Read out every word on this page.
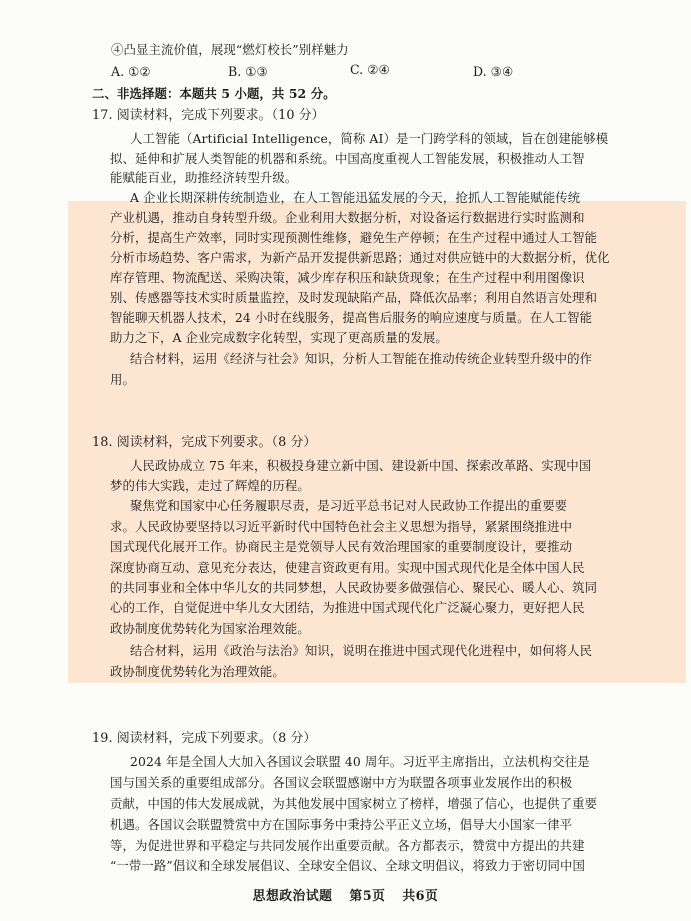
④凸显主流价值，展现“燃灯校长”别样魅力
A. ①②	B. ①③	C. ②④	D. ③④
二、非选择题：本题共 5 小题，共 52 分。
17. 阅读材料，完成下列要求。（10 分）
人工智能（Artificial Intelligence，简称 AI）是一门跨学科的领域，旨在创建能够模
拟、延伸和扩展人类智能的机器和系统。中国高度重视人工智能发展，积极推动人工智
能赋能百业，助推经济转型升级。
A 企业长期深耕传统制造业，在人工智能迅猛发展的今天，抢抓人工智能赋能传统
产业机遇，推动自身转型升级。企业利用大数据分析，对设备运行数据进行实时监测和
分析，提高生产效率，同时实现预测性维修，避免生产停顿；在生产过程中通过人工智能
分析市场趋势、客户需求，为新产品开发提供新思路；通过对供应链中的大数据分析，优化
库存管理、物流配送、采购决策，减少库存积压和缺货现象；在生产过程中利用图像识
别、传感器等技术实时质量监控，及时发现缺陷产品，降低次品率；利用自然语言处理和
智能聊天机器人技术，24 小时在线服务，提高售后服务的响应速度与质量。在人工智能
助力之下，A 企业完成数字化转型，实现了更高质量的发展。
结合材料，运用《经济与社会》知识，分析人工智能在推动传统企业转型升级中的作
用。
18. 阅读材料，完成下列要求。（8 分）
人民政协成立 75 年来，积极投身建立新中国、建设新中国、探索改革路、实现中国
梦的伟大实践，走过了辉煌的历程。
聚焦党和国家中心任务履职尽责，是习近平总书记对人民政协工作提出的重要要
求。人民政协要坚持以习近平新时代中国特色社会主义思想为指导，紧紧围绕推进中
国式现代化展开工作。协商民主是党领导人民有效治理国家的重要制度设计，要推动
深度协商互动、意见充分表达，使建言资政更有用。实现中国式现代化是全体中国人民
的共同事业和全体中华儿女的共同梦想，人民政协要多做强信心、聚民心、暖人心、筑同
心的工作，自觉促进中华儿女大团结，为推进中国式现代化广泛凝心聚力，更好把人民
政协制度优势转化为国家治理效能。
结合材料，运用《政治与法治》知识，说明在推进中国式现代化进程中，如何将人民
政协制度优势转化为治理效能。
19. 阅读材料，完成下列要求。（8 分）
2024 年是全国人大加入各国议会联盟 40 周年。习近平主席指出，立法机构交往是
国与国关系的重要组成部分。各国议会联盟感谢中方为联盟各项事业发展作出的积极
贡献，中国的伟大发展成就，为其他发展中国家树立了榜样，增强了信心，也提供了重要
机遇。各国议会联盟赞赏中方在国际事务中秉持公平正义立场，倡导大小国家一律平
等，为促进世界和平稳定与共同发展作出重要贡献。各方都表示，赞赏中方提出的共建
“一带一路”倡议和全球发展倡议、全球安全倡议、全球文明倡议，将致力于密切同中国
思想政治试题 第5页 共6页
